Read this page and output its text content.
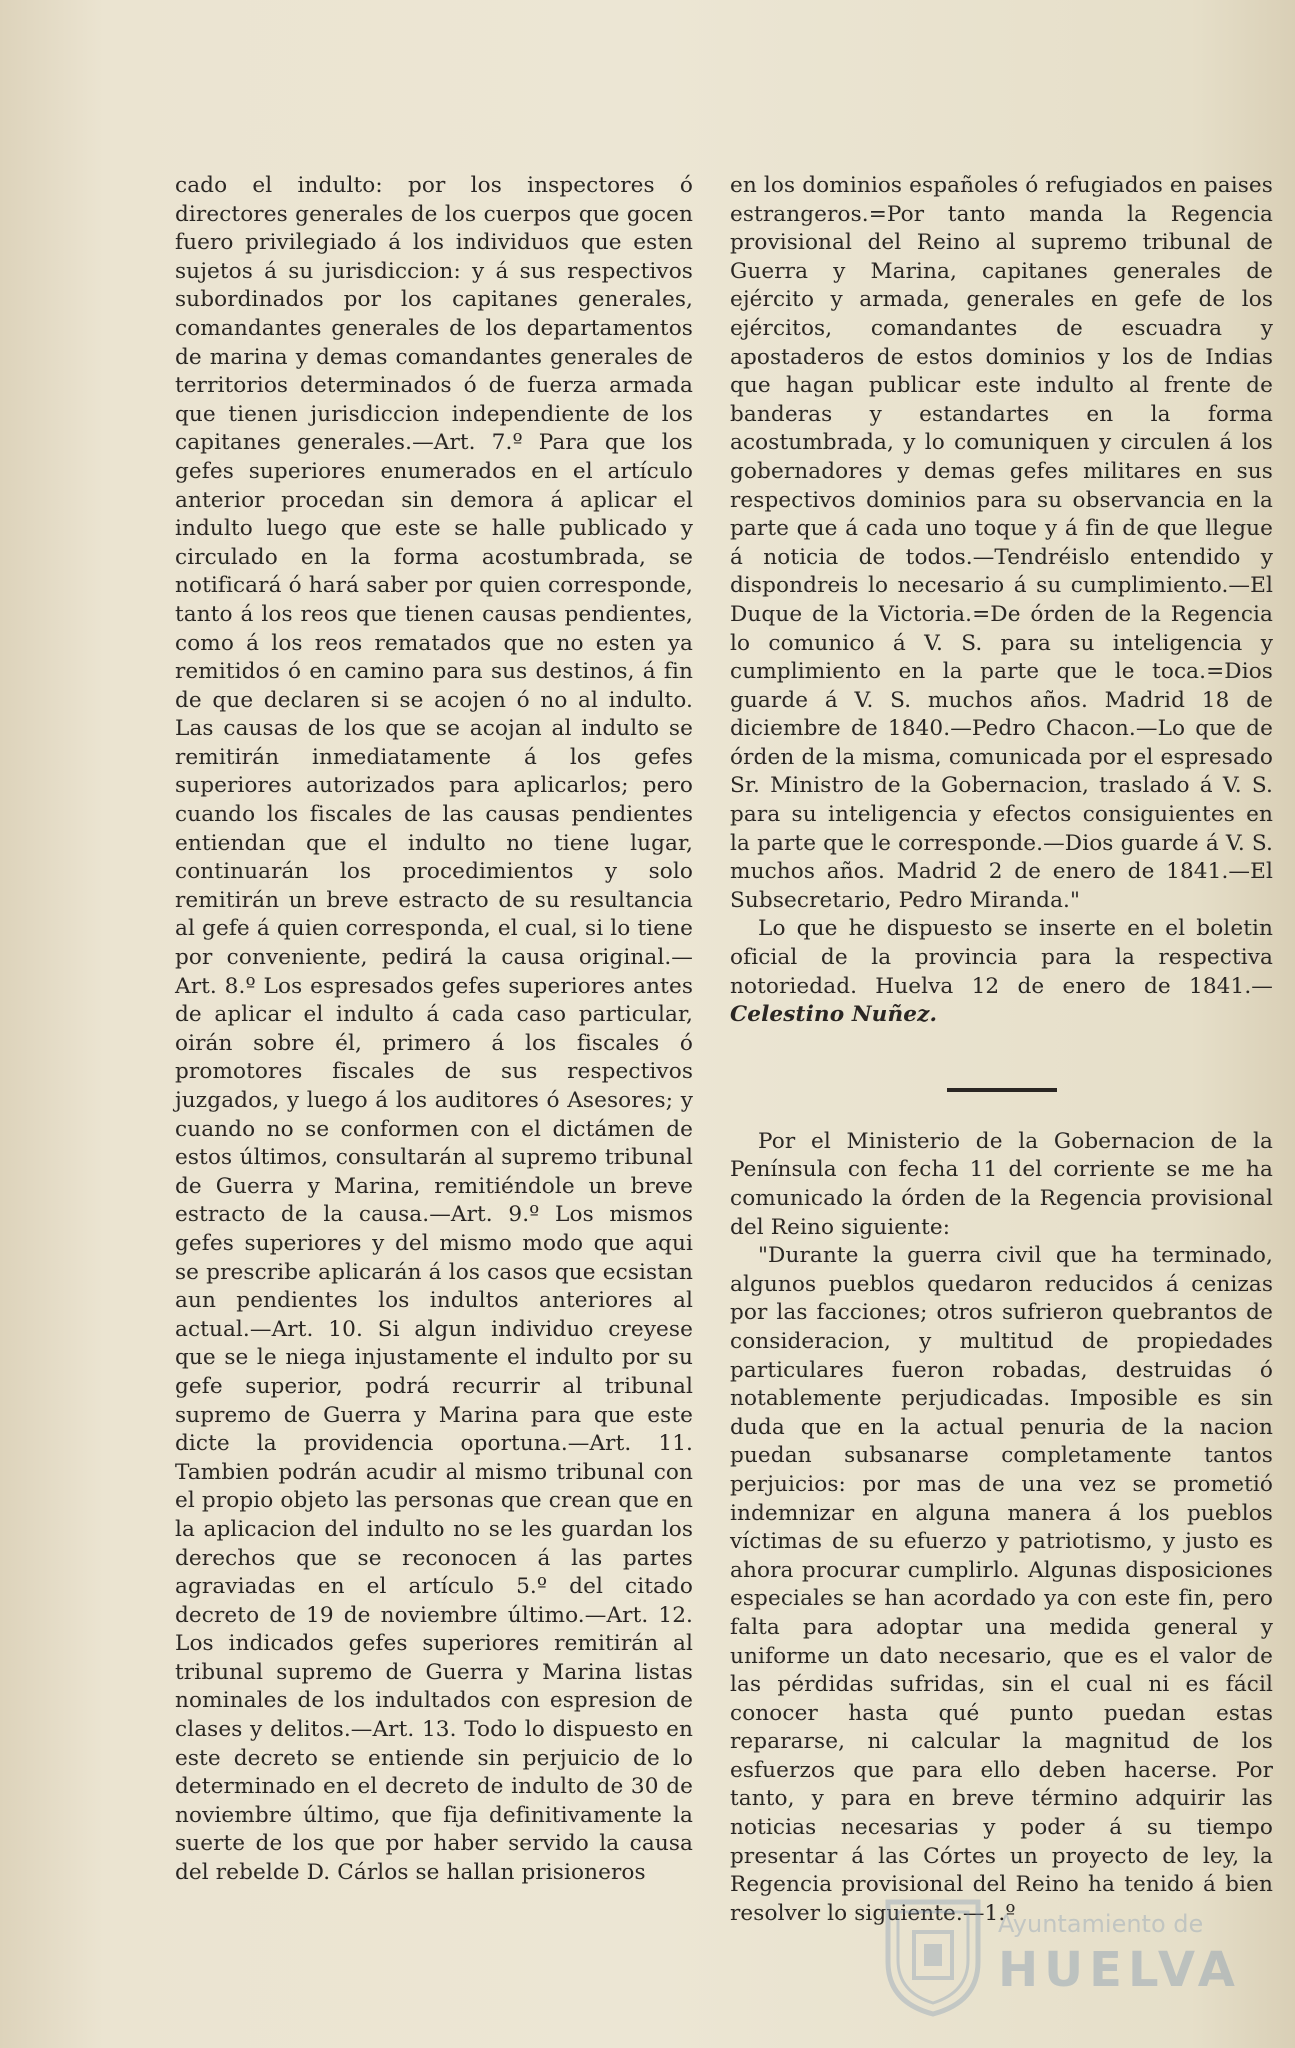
cado el indulto: por los inspectores ó directores generales de los cuerpos que gocen fuero privilegiado á los individuos que esten sujetos á su jurisdiccion: y á sus respectivos subordinados por los capitanes generales, comandantes generales de los departamentos de marina y demas comandantes generales de territorios determinados ó de fuerza armada que tienen jurisdiccion independiente de los capitanes generales.—Art. 7.º Para que los gefes superiores enumerados en el artículo anterior procedan sin demora á aplicar el indulto luego que este se halle publicado y circulado en la forma acostumbrada, se notificará ó hará saber por quien corresponde, tanto á los reos que tienen causas pendientes, como á los reos rematados que no esten ya remitidos ó en camino para sus destinos, á fin de que declaren si se acojen ó no al indulto. Las causas de los que se acojan al indulto se remitirán inmediatamente á los gefes superiores autorizados para aplicarlos; pero cuando los fiscales de las causas pendientes entiendan que el indulto no tiene lugar, continuarán los procedimientos y solo remitirán un breve estracto de su resultancia al gefe á quien corresponda, el cual, si lo tiene por conveniente, pedirá la causa original.—Art. 8.º Los espresados gefes superiores antes de aplicar el indulto á cada caso particular, oirán sobre él, primero á los fiscales ó promotores fiscales de sus respectivos juzgados, y luego á los auditores ó Asesores; y cuando no se conformen con el dictámen de estos últimos, consultarán al supremo tribunal de Guerra y Marina, remitiéndole un breve estracto de la causa.—Art. 9.º Los mismos gefes superiores y del mismo modo que aqui se prescribe aplicarán á los casos que ecsistan aun pendientes los indultos anteriores al actual.—Art. 10. Si algun individuo creyese que se le niega injustamente el indulto por su gefe superior, podrá recurrir al tribunal supremo de Guerra y Marina para que este dicte la providencia oportuna.—Art. 11. Tambien podrán acudir al mismo tribunal con el propio objeto las personas que crean que en la aplicacion del indulto no se les guardan los derechos que se reconocen á las partes agraviadas en el artículo 5.º del citado decreto de 19 de noviembre último.—Art. 12. Los indicados gefes superiores remitirán al tribunal supremo de Guerra y Marina listas nominales de los indultados con espresion de clases y delitos.—Art. 13. Todo lo dispuesto en este decreto se entiende sin perjuicio de lo determinado en el decreto de indulto de 30 de noviembre último, que fija definitivamente la suerte de los que por haber servido la causa del rebelde D. Cárlos se hallan prisioneros

en los dominios españoles ó refugiados en paises estrangeros.=Por tanto manda la Regencia provisional del Reino al supremo tribunal de Guerra y Marina, capitanes generales de ejército y armada, generales en gefe de los ejércitos, comandantes de escuadra y apostaderos de estos dominios y los de Indias que hagan publicar este indulto al frente de banderas y estandartes en la forma acostumbrada, y lo comuniquen y circulen á los gobernadores y demas gefes militares en sus respectivos dominios para su observancia en la parte que á cada uno toque y á fin de que llegue á noticia de todos.—Tendréislo entendido y dispondreis lo necesario á su cumplimiento.—El Duque de la Victoria.=De órden de la Regencia lo comunico á V. S. para su inteligencia y cumplimiento en la parte que le toca.=Dios guarde á V. S. muchos años. Madrid 18 de diciembre de 1840.—Pedro Chacon.—Lo que de órden de la misma, comunicada por el espresado Sr. Ministro de la Gobernacion, traslado á V. S. para su inteligencia y efectos consiguientes en la parte que le corresponde.—Dios guarde á V. S. muchos años. Madrid 2 de enero de 1841.—El Subsecretario, Pedro Miranda."

Lo que he dispuesto se inserte en el boletin oficial de la provincia para la respectiva notoriedad. Huelva 12 de enero de 1841.— Celestino Nuñez.

Por el Ministerio de la Gobernacion de la Península con fecha 11 del corriente se me ha comunicado la órden de la Regencia provisional del Reino siguiente:

"Durante la guerra civil que ha terminado, algunos pueblos quedaron reducidos á cenizas por las facciones; otros sufrieron quebrantos de consideracion, y multitud de propiedades particulares fueron robadas, destruidas ó notablemente perjudicadas. Imposible es sin duda que en la actual penuria de la nacion puedan subsanarse completamente tantos perjuicios: por mas de una vez se prometió indemnizar en alguna manera á los pueblos víctimas de su efuerzo y patriotismo, y justo es ahora procurar cumplirlo. Algunas disposiciones especiales se han acordado ya con este fin, pero falta para adoptar una medida general y uniforme un dato necesario, que es el valor de las pérdidas sufridas, sin el cual ni es fácil conocer hasta qué punto puedan estas repararse, ni calcular la magnitud de los esfuerzos que para ello deben hacerse. Por tanto, y para en breve término adquirir las noticias necesarias y poder á su tiempo presentar á las Córtes un proyecto de ley, la Regencia provisional del Reino ha tenido á bien resolver lo siguiente.—1.º

Ayuntamiento de
HUELVA
